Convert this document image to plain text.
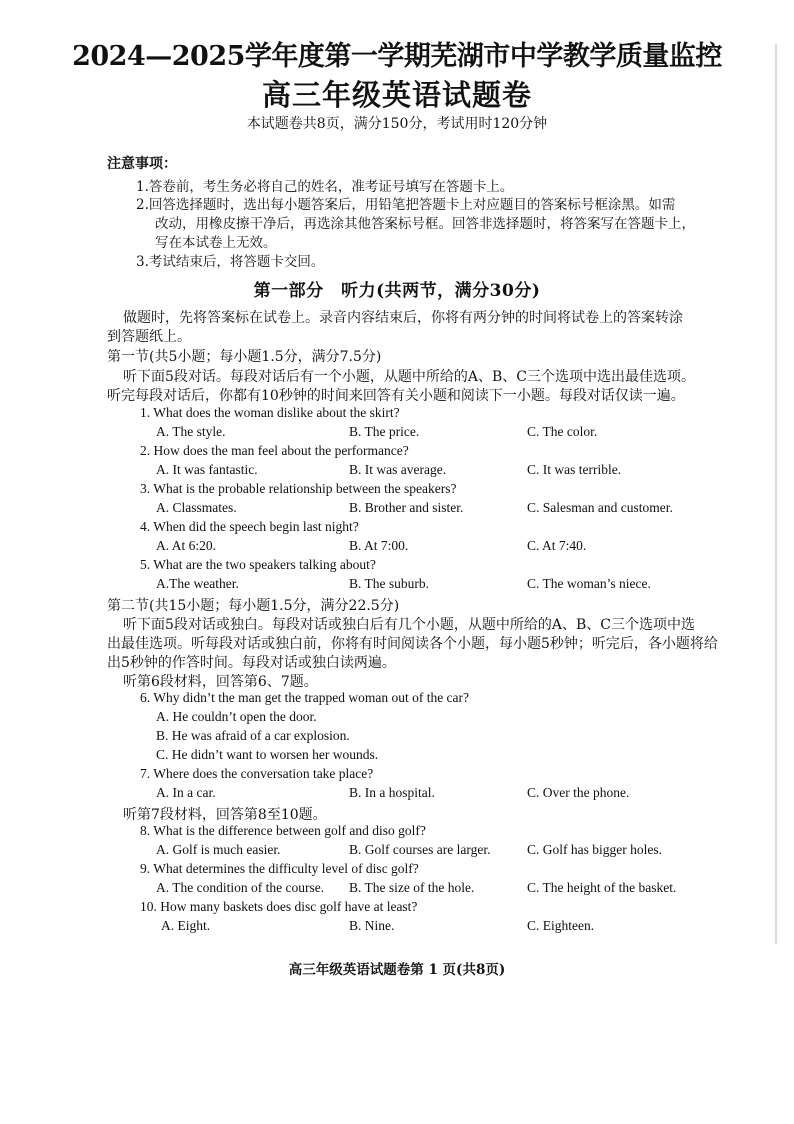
2024—2025学年度第一学期芜湖市中学教学质量监控
高三年级英语试题卷
本试题卷共8页，满分150分，考试用时120分钟
注意事项：
1.答卷前，考生务必将自己的姓名，准考证号填写在答题卡上。
2.回答选择题时，选出每小题答案后，用铅笔把答题卡上对应题目的答案标号框涂黑。如需
改动，用橡皮擦干净后，再选涂其他答案标号框。回答非选择题时，将答案写在答题卡上，
写在本试卷上无效。
3.考试结束后，将答题卡交回。
第一部分　听力(共两节，满分30分)
做题时，先将答案标在试卷上。录音内容结束后，你将有两分钟的时间将试卷上的答案转涂
到答题纸上。
第一节(共5小题；每小题1.5分，满分7.5分)
听下面5段对话。每段对话后有一个小题，从题中所给的A、B、C三个选项中选出最佳选项。
听完每段对话后，你都有10秒钟的时间来回答有关小题和阅读下一小题。每段对话仅读一遍。
1. What does the woman dislike about the skirt?
A. The style.	B. The price.	C. The color.
2. How does the man feel about the performance?
A. It was fantastic.	B. It was average.	C. It was terrible.
3. What is the probable relationship between the speakers?
A. Classmates.	B. Brother and sister.	C. Salesman and customer.
4. When did the speech begin last night?
A. At 6:20.	B. At 7:00.	C. At 7:40.
5. What are the two speakers talking about?
A.The weather.	B. The suburb.	C. The woman’s niece.
第二节(共15小题；每小题1.5分，满分22.5分)
听下面5段对话或独白。每段对话或独白后有几个小题，从题中所给的A、B、C三个选项中选
出最佳选项。听每段对话或独白前，你将有时间阅读各个小题，每小题5秒钟；听完后，各小题将给
出5秒钟的作答时间。每段对话或独白读两遍。
听第6段材料，回答第6、7题。
6. Why didn’t the man get the trapped woman out of the car?
A. He couldn’t open the door.
B. He was afraid of a car explosion.
C. He didn’t want to worsen her wounds.
7. Where does the conversation take place?
A. In a car.	B. In a hospital.	C. Over the phone.
听第7段材料，回答第8至10题。
8. What is the difference between golf and diso golf?
A. Golf is much easier.	B. Golf courses are larger.	C. Golf has bigger holes.
9. What determines the difficulty level of disc golf?
A. The condition of the course. B. The size of the hole.	C. The height of the basket.
10. How many baskets does disc golf have at least?
A. Eight.	B. Nine.	C. Eighteen.
高三年级英语试题卷第 1 页(共8页)
